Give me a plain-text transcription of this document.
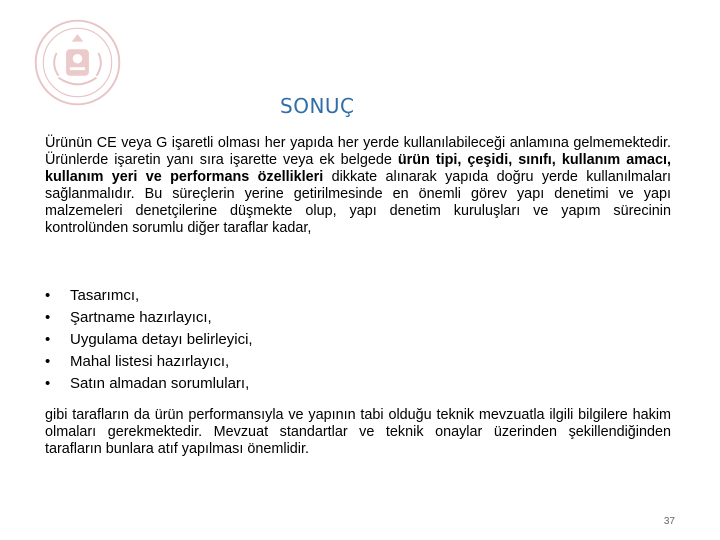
SONUÇ

Ürünün CE veya G işaretli olması her yapıda her yerde kullanılabileceği anlamına gelmemektedir. Ürünlerde işaretin yanı sıra işarette veya ek belgede ürün tipi, çeşidi, sınıfı, kullanım amacı, kullanım yeri ve performans özellikleri dikkate alınarak yapıda doğru yerde kullanılmaları sağlanmalıdır. Bu süreçlerin yerine getirilmesinde en önemli görev yapı denetimi ve yapı malzemeleri denetçilerine düşmekte olup, yapı denetim kuruluşları ve yapım sürecinin kontrolünden sorumlu diğer taraflar kadar,

• Tasarımcı,
• Şartname hazırlayıcı,
• Uygulama detayı belirleyici,
• Mahal listesi hazırlayıcı,
• Satın almadan sorumluları,

gibi tarafların da ürün performansıyla ve yapının tabi olduğu teknik mevzuatla ilgili bilgilere hakim olmaları gerekmektedir. Mevzuat standartlar ve teknik onaylar üzerinden şekillendiğinden tarafların bunlara atıf yapılması önemlidir.

37
